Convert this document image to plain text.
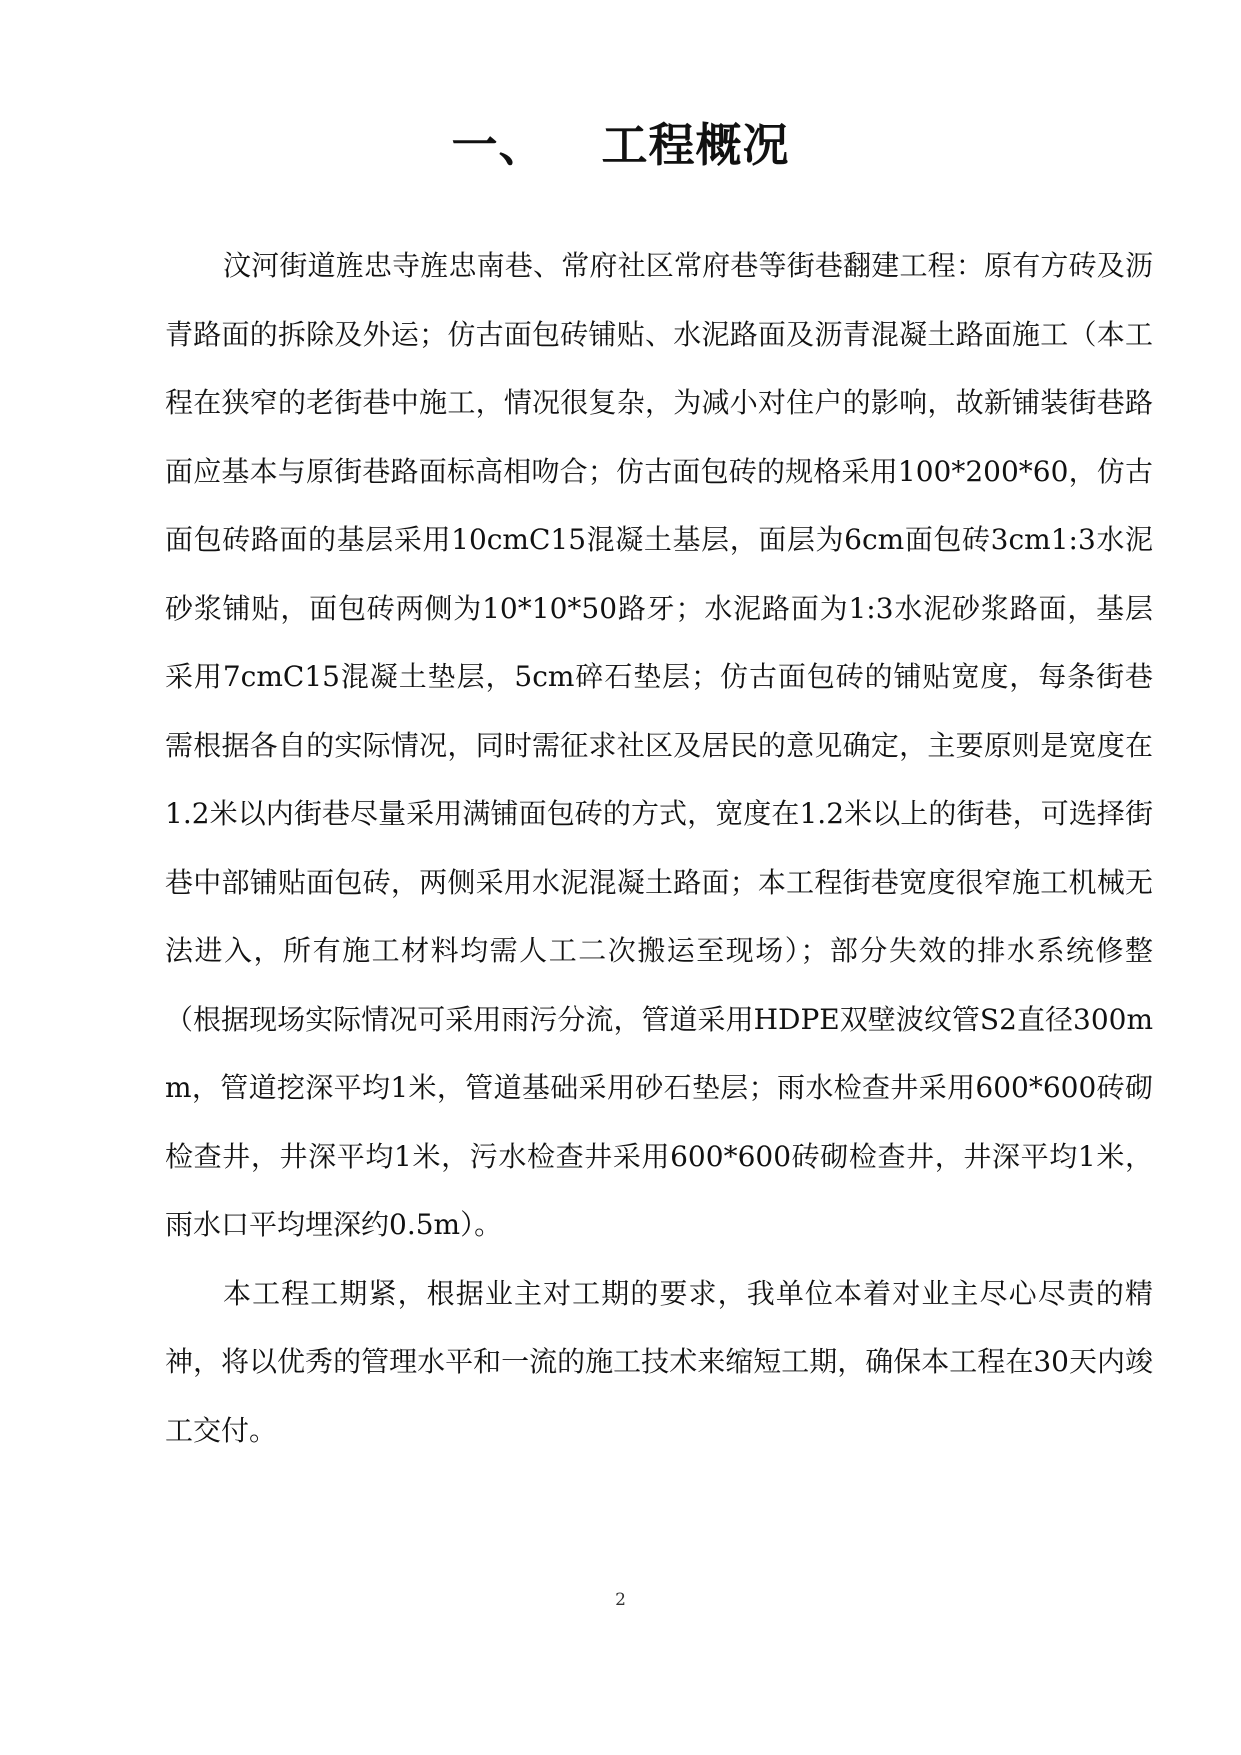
一、 工程概况

汶河街道旌忠寺旌忠南巷、常府社区常府巷等街巷翻建工程：原有方砖及沥青路面的拆除及外运；仿古面包砖铺贴、水泥路面及沥青混凝土路面施工（本工程在狭窄的老街巷中施工，情况很复杂，为减小对住户的影响，故新铺装街巷路面应基本与原街巷路面标高相吻合；仿古面包砖的规格采用100*200*60，仿古面包砖路面的基层采用10cmC15混凝土基层，面层为6cm面包砖3cm1:3水泥砂浆铺贴，面包砖两侧为10*10*50路牙；水泥路面为1:3水泥砂浆路面，基层采用7cmC15混凝土垫层，5cm碎石垫层；仿古面包砖的铺贴宽度，每条街巷需根据各自的实际情况，同时需征求社区及居民的意见确定，主要原则是宽度在1.2米以内街巷尽量采用满铺面包砖的方式，宽度在1.2米以上的街巷，可选择街巷中部铺贴面包砖，两侧采用水泥混凝土路面；本工程街巷宽度很窄施工机械无法进入，所有施工材料均需人工二次搬运至现场）；部分失效的排水系统修整（根据现场实际情况可采用雨污分流，管道采用HDPE双壁波纹管S2直径300mm，管道挖深平均1米，管道基础采用砂石垫层；雨水检查井采用600*600砖砌检查井，井深平均1米，污水检查井采用600*600砖砌检查井，井深平均1米，雨水口平均埋深约0.5m）。

本工程工期紧，根据业主对工期的要求，我单位本着对业主尽心尽责的精神，将以优秀的管理水平和一流的施工技术来缩短工期，确保本工程在30天内竣工交付。

2
